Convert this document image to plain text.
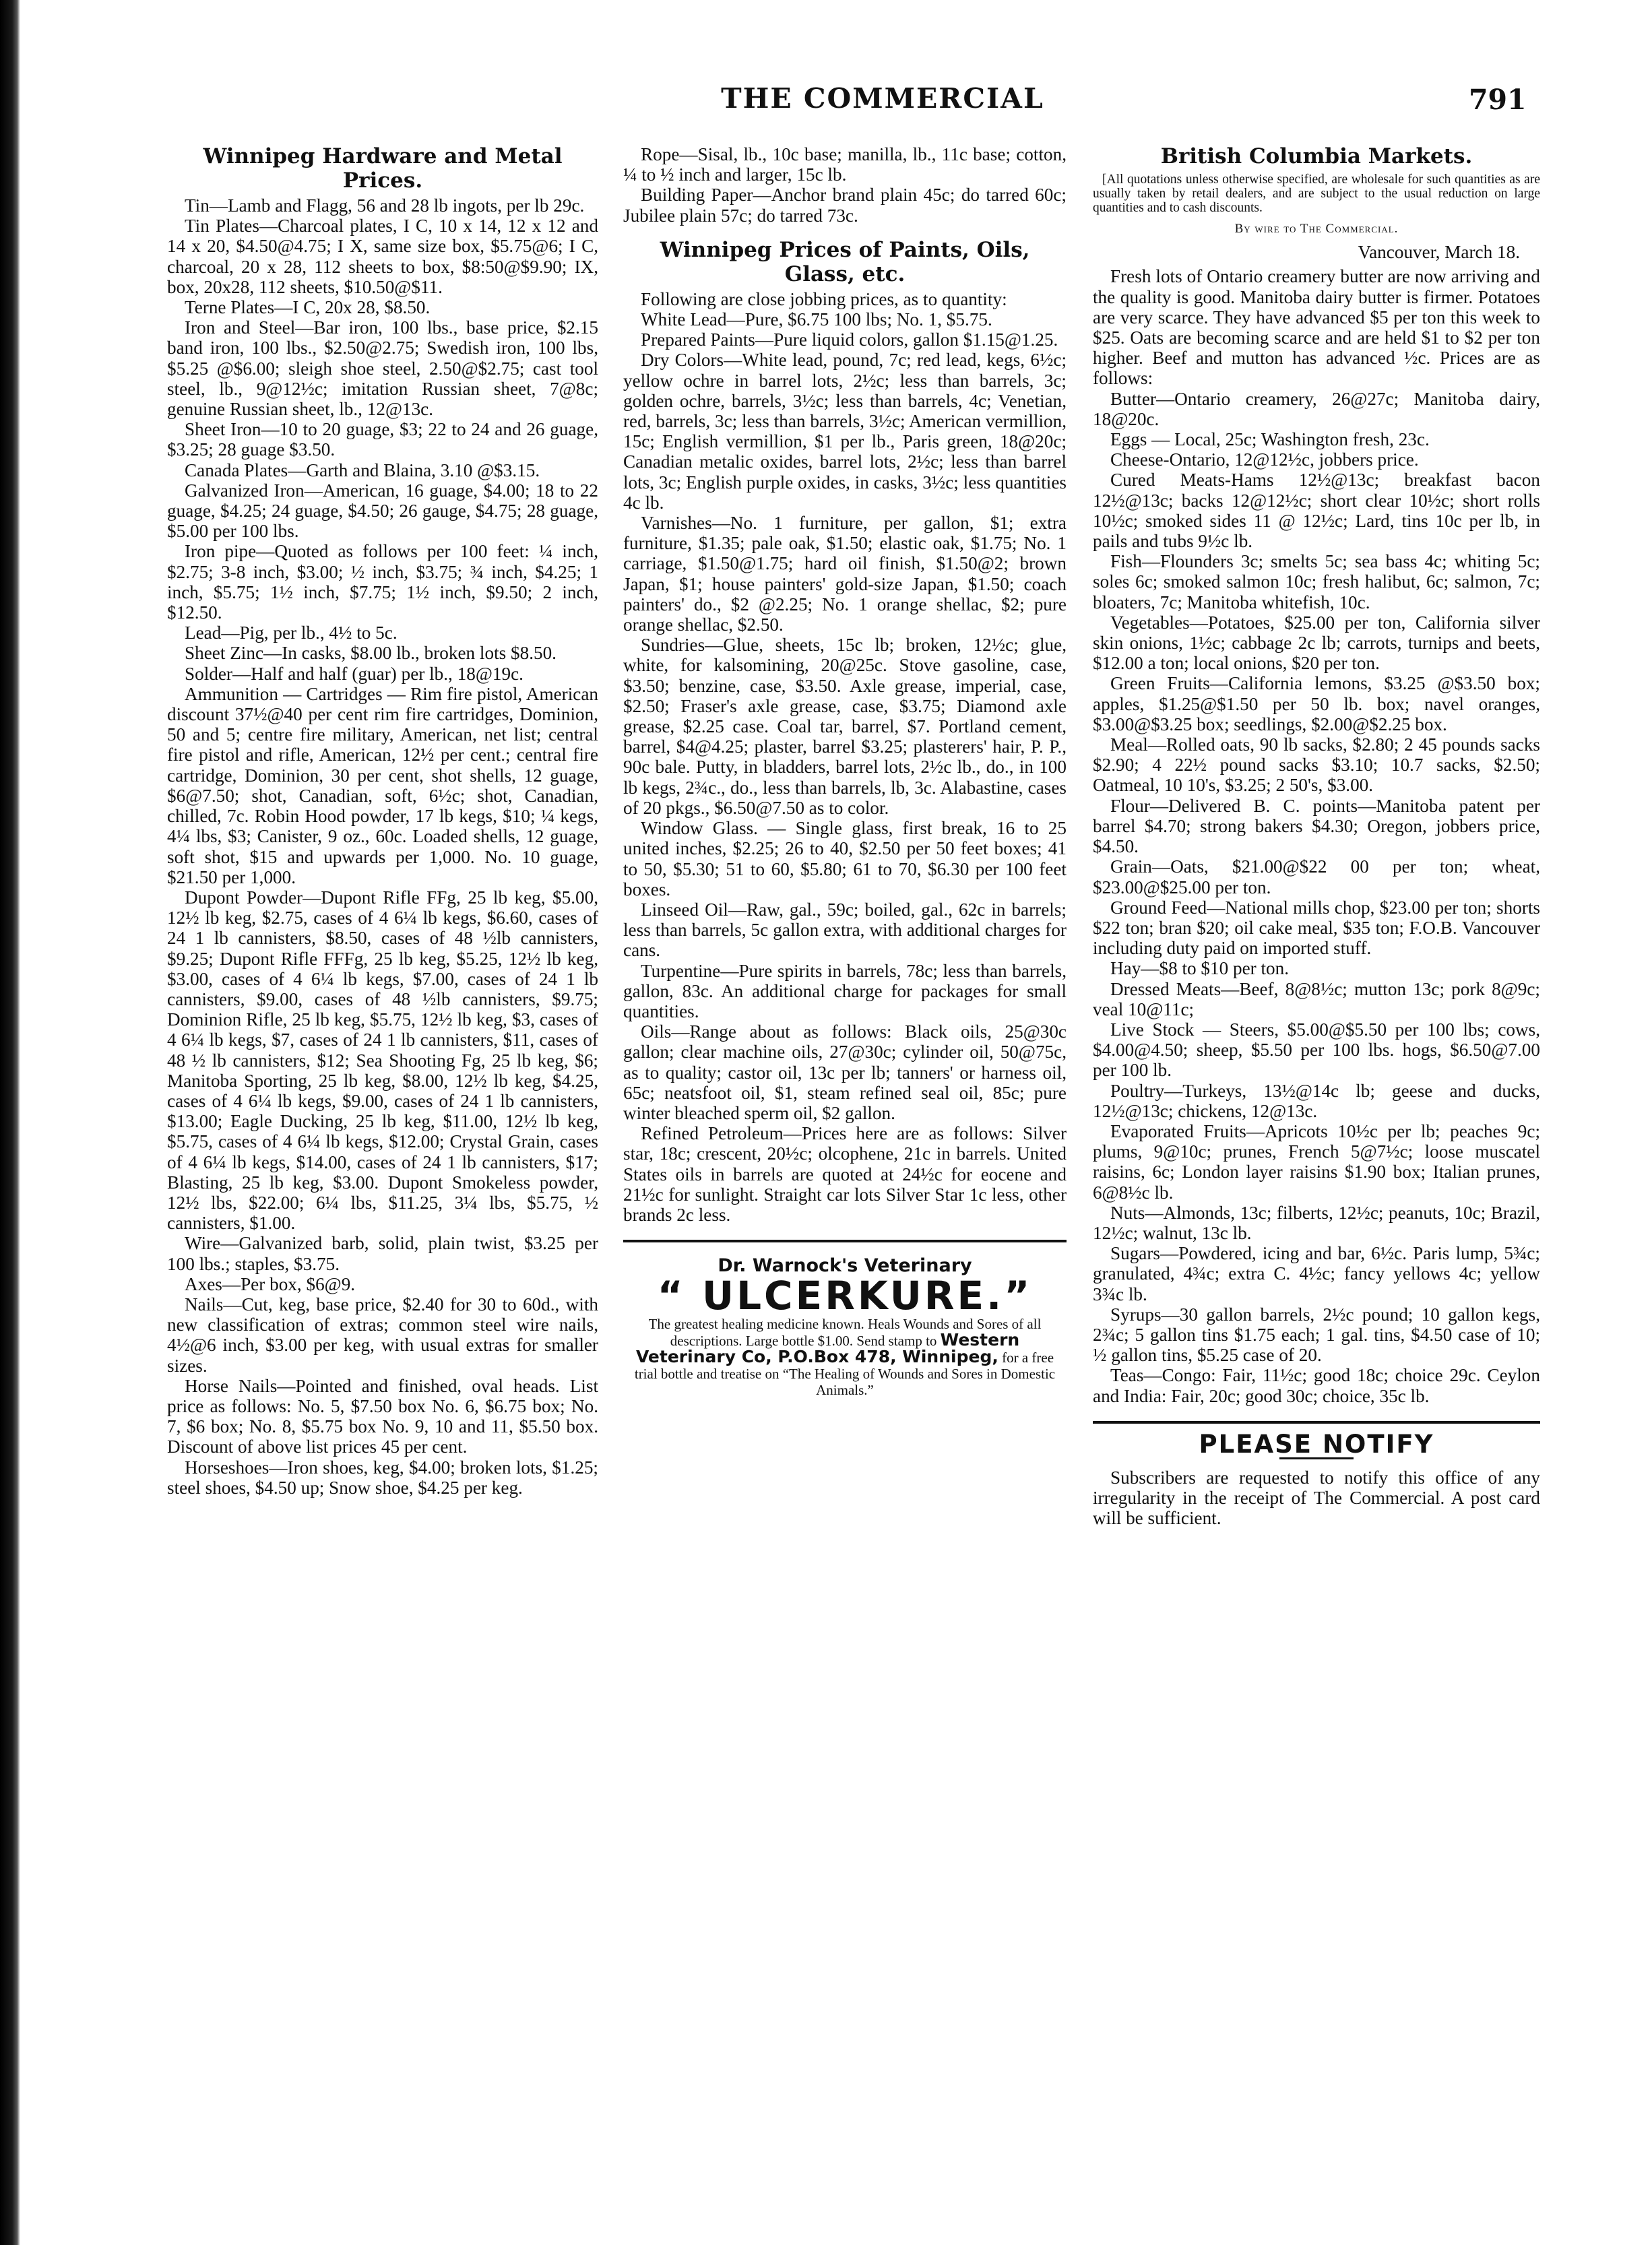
THE COMMERCIAL	791
Winnipeg Hardware and Metal Prices.

Tin—Lamb and Flagg, 56 and 28 lb ingots, per lb 29c.

Tin Plates—Charcoal plates, I C, 10 x 14, 12 x 12 and 14 x 20, $4.50@4.75; I X, same size box, $5.75@6; I C, charcoal, 20 x 28, 112 sheets to box, $8:50@$9.90; IX, box, 20x28, 112 sheets, $10.50@$11.

Terne Plates—I C, 20x 28, $8.50.

Iron and Steel—Bar iron, 100 lbs., base price, $2.15 band iron, 100 lbs., $2.50@2.75; Swedish iron, 100 lbs, $5.25 @$6.00; sleigh shoe steel, 2.50@$2.75; cast tool steel, lb., 9@12½c; imitation Russian sheet, 7@8c; genuine Russian sheet, lb., 12@13c.

Sheet Iron—10 to 20 guage, $3; 22 to 24 and 26 guage, $3.25; 28 guage $3.50.

Canada Plates—Garth and Blaina, 3.10 @$3.15.

Galvanized Iron—American, 16 guage, $4.00; 18 to 22 guage, $4.25; 24 guage, $4.50; 26 gauge, $4.75; 28 guage, $5.00 per 100 lbs.

Iron pipe—Quoted as follows per 100 feet: ¼ inch, $2.75; 3-8 inch, $3.00; ½ inch, $3.75; ¾ inch, $4.25; 1 inch, $5.75; 1½ inch, $7.75; 1½ inch, $9.50; 2 inch, $12.50.

Lead—Pig, per lb., 4½ to 5c.

Sheet Zinc—In casks, $8.00 lb., broken lots $8.50.

Solder—Half and half (guar) per lb., 18@19c.

Ammunition — Cartridges — Rim fire pistol, American discount 37½@40 per cent rim fire cartridges, Dominion, 50 and 5; centre fire military, American, net list; central fire pistol and rifle, American, 12½ per cent.; central fire cartridge, Dominion, 30 per cent, shot shells, 12 guage, $6@7.50; shot, Canadian, soft, 6½c; shot, Canadian, chilled, 7c. Robin Hood powder, 17 lb kegs, $10; ¼ kegs, 4¼ lbs, $3; Canister, 9 oz., 60c. Loaded shells, 12 guage, soft shot, $15 and upwards per 1,000. No. 10 guage, $21.50 per 1,000.

Dupont Powder—Dupont Rifle FFg, 25 lb keg, $5.00, 12½ lb keg, $2.75, cases of 4 6¼ lb kegs, $6.60, cases of 24 1 lb cannisters, $8.50, cases of 48 ½lb cannisters, $9.25; Dupont Rifle FFFg, 25 lb keg, $5.25, 12½ lb keg, $3.00, cases of 4 6¼ lb kegs, $7.00, cases of 24 1 lb cannisters, $9.00, cases of 48 ½lb cannisters, $9.75; Dominion Rifle, 25 lb keg, $5.75, 12½ lb keg, $3, cases of 4 6¼ lb kegs, $7, cases of 24 1 lb cannisters, $11, cases of 48 ½ lb cannisters, $12; Sea Shooting Fg, 25 lb keg, $6; Manitoba Sporting, 25 lb keg, $8.00, 12½ lb keg, $4.25, cases of 4 6¼ lb kegs, $9.00, cases of 24 1 lb cannisters, $13.00; Eagle Ducking, 25 lb keg, $11.00, 12½ lb keg, $5.75, cases of 4 6¼ lb kegs, $12.00; Crystal Grain, cases of 4 6¼ lb kegs, $14.00, cases of 24 1 lb cannisters, $17; Blasting, 25 lb keg, $3.00. Dupont Smokeless powder, 12½ lbs, $22.00; 6¼ lbs, $11.25, 3¼ lbs, $5.75, ½ cannisters, $1.00.

Wire—Galvanized barb, solid, plain twist, $3.25 per 100 lbs.; staples, $3.75.

Axes—Per box, $6@9.

Nails—Cut, keg, base price, $2.40 for 30 to 60d., with new classification of extras; common steel wire nails, 4½@6 inch, $3.00 per keg, with usual extras for smaller sizes.

Horse Nails—Pointed and finished, oval heads. List price as follows: No. 5, $7.50 box No. 6, $6.75 box; No. 7, $6 box; No. 8, $5.75 box No. 9, 10 and 11, $5.50 box. Discount of above list prices 45 per cent.

Horseshoes—Iron shoes, keg, $4.00; broken lots, $1.25; steel shoes, $4.50 up; Snow shoe, $4.25 per keg.

Rope—Sisal, lb., 10c base; manilla, lb., 11c base; cotton, ¼ to ½ inch and larger, 15c lb.

Building Paper—Anchor brand plain 45c; do tarred 60c; Jubilee plain 57c; do tarred 73c.

Winnipeg Prices of Paints, Oils, Glass, etc.

Following are close jobbing prices, as to quantity:

White Lead—Pure, $6.75 100 lbs; No. 1, $5.75.

Prepared Paints—Pure liquid colors, gallon $1.15@1.25.

Dry Colors—White lead, pound, 7c; red lead, kegs, 6½c; yellow ochre in barrel lots, 2½c; less than barrels, 3c; golden ochre, barrels, 3½c; less than barrels, 4c; Venetian, red, barrels, 3c; less than barrels, 3½c; American vermillion, 15c; English vermillion, $1 per lb., Paris green, 18@20c; Canadian metalic oxides, barrel lots, 2½c; less than barrel lots, 3c; English purple oxides, in casks, 3½c; less quantities 4c lb.

Varnishes—No. 1 furniture, per gallon, $1; extra furniture, $1.35; pale oak, $1.50; elastic oak, $1.75; No. 1 carriage, $1.50@1.75; hard oil finish, $1.50@2; brown Japan, $1; house painters' gold-size Japan, $1.50; coach painters' do., $2 @2.25; No. 1 orange shellac, $2; pure orange shellac, $2.50.

Sundries—Glue, sheets, 15c lb; broken, 12½c; glue, white, for kalsomining, 20@25c. Stove gasoline, case, $3.50; benzine, case, $3.50. Axle grease, imperial, case, $2.50; Fraser's axle grease, case, $3.75; Diamond axle grease, $2.25 case. Coal tar, barrel, $7. Portland cement, barrel, $4@4.25; plaster, barrel $3.25; plasterers' hair, P. P., 90c bale. Putty, in bladders, barrel lots, 2½c lb., do., in 100 lb kegs, 2¾c., do., less than barrels, lb, 3c. Alabastine, cases of 20 pkgs., $6.50@7.50 as to color.

Window Glass. — Single glass, first break, 16 to 25 united inches, $2.25; 26 to 40, $2.50 per 50 feet boxes; 41 to 50, $5.30; 51 to 60, $5.80; 61 to 70, $6.30 per 100 feet boxes.

Linseed Oil—Raw, gal., 59c; boiled, gal., 62c in barrels; less than barrels, 5c gallon extra, with additional charges for cans.

Turpentine—Pure spirits in barrels, 78c; less than barrels, gallon, 83c. An additional charge for packages for small quantities.

Oils—Range about as follows: Black oils, 25@30c gallon; clear machine oils, 27@30c; cylinder oil, 50@75c, as to quality; castor oil, 13c per lb; tanners' or harness oil, 65c; neatsfoot oil, $1, steam refined seal oil, 85c; pure winter bleached sperm oil, $2 gallon.

Refined Petroleum—Prices here are as follows: Silver star, 18c; crescent, 20½c; olcophene, 21c in barrels. United States oils in barrels are quoted at 24½c for eocene and 21½c for sunlight. Straight car lots Silver Star 1c less, other brands 2c less.

Dr. Warnock's Veterinary
“ ULCERKURE.”
The greatest healing medicine known. Heals Wounds and Sores of all descriptions. Large bottle $1.00. Send stamp to Western Veterinary Co, P.O.Box 478, Winnipeg, for a free trial bottle and treatise on “The Healing of Wounds and Sores in Domestic Animals.”
British Columbia Markets.
[All quotations unless otherwise specified, are wholesale for such quantities as are usually taken by retail dealers, and are subject to the usual reduction on large quantities and to cash discounts.
By wire to The Commercial.
Vancouver, March 18.

Fresh lots of Ontario creamery butter are now arriving and the quality is good. Manitoba dairy butter is firmer. Potatoes are very scarce. They have advanced $5 per ton this week to $25. Oats are becoming scarce and are held $1 to $2 per ton higher. Beef and mutton has advanced ½c. Prices are as follows:

Butter—Ontario creamery, 26@27c; Manitoba dairy, 18@20c.

Eggs — Local, 25c; Washington fresh, 23c.

Cheese-Ontario, 12@12½c, jobbers price.

Cured Meats-Hams 12½@13c; breakfast bacon 12½@13c; backs 12@12½c; short clear 10½c; short rolls 10½c; smoked sides 11 @ 12½c; Lard, tins 10c per lb, in pails and tubs 9½c lb.

Fish—Flounders 3c; smelts 5c; sea bass 4c; whiting 5c; soles 6c; smoked salmon 10c; fresh halibut, 6c; salmon, 7c; bloaters, 7c; Manitoba whitefish, 10c.

Vegetables—Potatoes, $25.00 per ton, California silver skin onions, 1½c; cabbage 2c lb; carrots, turnips and beets, $12.00 a ton; local onions, $20 per ton.

Green Fruits—California lemons, $3.25 @$3.50 box; apples, $1.25@$1.50 per 50 lb. box; navel oranges, $3.00@$3.25 box; seedlings, $2.00@$2.25 box.

Meal—Rolled oats, 90 lb sacks, $2.80; 2 45 pounds sacks $2.90; 4 22½ pound sacks $3.10; 10.7 sacks, $2.50; Oatmeal, 10 10's, $3.25; 2 50's, $3.00.

Flour—Delivered B. C. points—Manitoba patent per barrel $4.70; strong bakers $4.30; Oregon, jobbers price, $4.50.

Grain—Oats, $21.00@$22 00 per ton; wheat, $23.00@$25.00 per ton.

Ground Feed—National mills chop, $23.00 per ton; shorts $22 ton; bran $20; oil cake meal, $35 ton; F.O.B. Vancouver including duty paid on imported stuff.

Hay—$8 to $10 per ton.

Dressed Meats—Beef, 8@8½c; mutton 13c; pork 8@9c; veal 10@11c;

Live Stock — Steers, $5.00@$5.50 per 100 lbs; cows, $4.00@4.50; sheep, $5.50 per 100 lbs. hogs, $6.50@7.00 per 100 lb.

Poultry—Turkeys, 13½@14c lb; geese and ducks, 12½@13c; chickens, 12@13c.

Evaporated Fruits—Apricots 10½c per lb; peaches 9c; plums, 9@10c; prunes, French 5@7½c; loose muscatel raisins, 6c; London layer raisins $1.90 box; Italian prunes, 6@8½c lb.

Nuts—Almonds, 13c; filberts, 12½c; peanuts, 10c; Brazil, 12½c; walnut, 13c lb.

Sugars—Powdered, icing and bar, 6½c. Paris lump, 5¾c; granulated, 4¾c; extra C. 4½c; fancy yellows 4c; yellow 3¾c lb.

Syrups—30 gallon barrels, 2½c pound; 10 gallon kegs, 2¾c; 5 gallon tins $1.75 each; 1 gal. tins, $4.50 case of 10; ½ gallon tins, $5.25 case of 20.

Teas—Congo: Fair, 11½c; good 18c; choice 29c. Ceylon and India: Fair, 20c; good 30c; choice, 35c lb.

PLEASE NOTIFY
Subscribers are requested to notify this office of any irregularity in the receipt of The Commercial. A post card will be sufficient.
